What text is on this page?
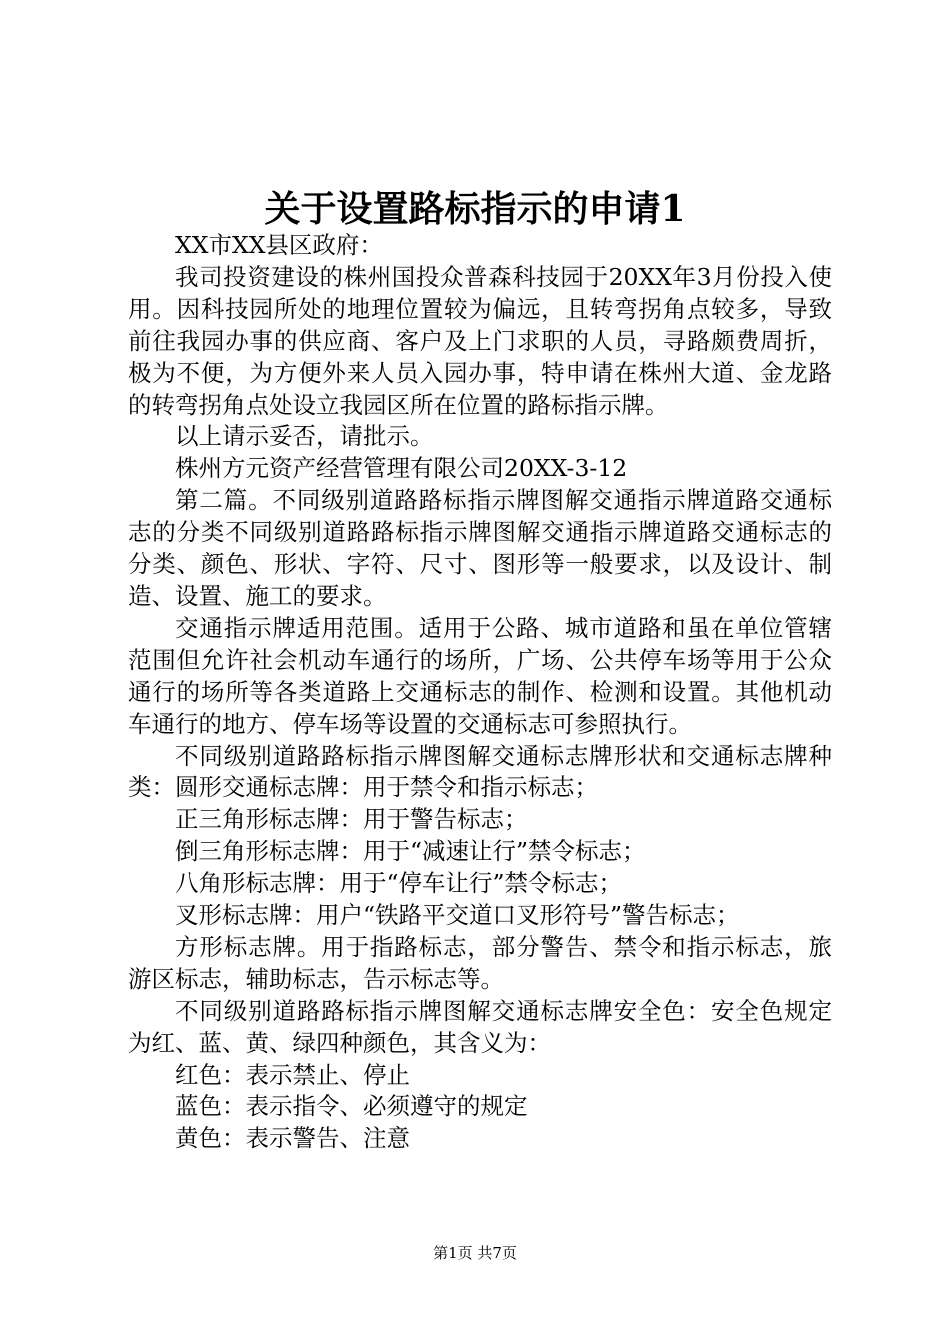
关于设置路标指示的申请1

XX市XX县区政府：

我司投资建设的株州国投众普森科技园于20XX年3月份投入使用。因科技园所处的地理位置较为偏远，且转弯拐角点较多，导致前往我园办事的供应商、客户及上门求职的人员，寻路颇费周折，极为不便，为方便外来人员入园办事，特申请在株州大道、金龙路的转弯拐角点处设立我园区所在位置的路标指示牌。

以上请示妥否，请批示。

株州方元资产经营管理有限公司20XX-3-12

第二篇。不同级别道路路标指示牌图解交通指示牌道路交通标志的分类不同级别道路路标指示牌图解交通指示牌道路交通标志的分类、颜色、形状、字符、尺寸、图形等一般要求，以及设计、制造、设置、施工的要求。

交通指示牌适用范围。适用于公路、城市道路和虽在单位管辖范围但允许社会机动车通行的场所，广场、公共停车场等用于公众通行的场所等各类道路上交通标志的制作、检测和设置。其他机动车通行的地方、停车场等设置的交通标志可参照执行。

不同级别道路路标指示牌图解交通标志牌形状和交通标志牌种类：圆形交通标志牌：用于禁令和指示标志；

正三角形标志牌：用于警告标志；

倒三角形标志牌：用于“减速让行”禁令标志；

八角形标志牌：用于“停车让行”禁令标志；

叉形标志牌：用户“铁路平交道口叉形符号”警告标志；

方形标志牌。用于指路标志，部分警告、禁令和指示标志，旅游区标志，辅助标志，告示标志等。

不同级别道路路标指示牌图解交通标志牌安全色：安全色规定为红、蓝、黄、绿四种颜色，其含义为：

红色：表示禁止、停止

蓝色：表示指令、必须遵守的规定

黄色：表示警告、注意

第1页 共7页
